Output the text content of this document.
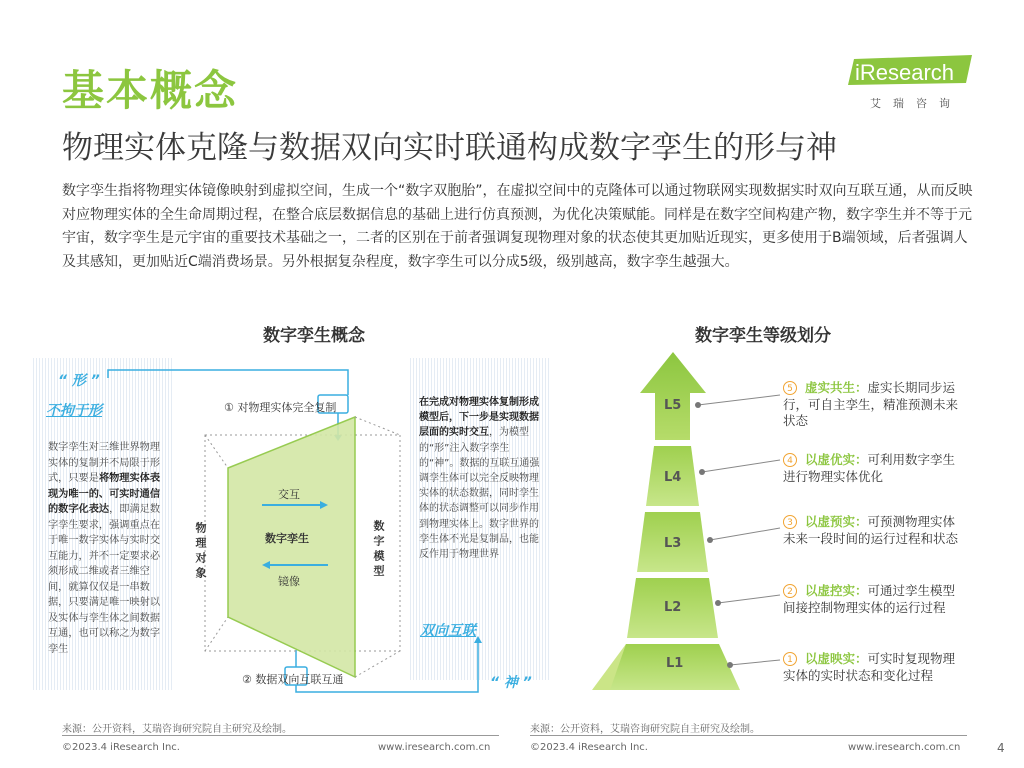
基本概念
物理实体克隆与数据双向实时联通构成数字孪生的形与神
iResearch
艾瑞咨询
数字孪生指将物理实体镜像映射到虚拟空间，生成一个“数字双胞胎”，在虚拟空间中的克隆体可以通过物联网实现数据实时双向互联互通，从而反映对应物理实体的全生命周期过程，在整合底层数据信息的基础上进行仿真预测，为优化决策赋能。同样是在数字空间构建产物，数字孪生并不等于元宇宙，数字孪生是元宇宙的重要技术基础之一，二者的区别在于前者强调复现物理对象的状态使其更加贴近现实，更多使用于B端领域，后者强调人及其感知，更加贴近C端消费场景。另外根据复杂程度，数字孪生可以分成5级，级别越高，数字孪生越强大。
数字孪生概念
“ 形 ”
不拘于形	① 对物理实体完全复制
交互
数字孪生
镜像
物理对象	数字模型
② 数据双向互联互通
双向互联
“ 神 ”
数字孪生对三维世界物理实体的复制并不局限于形式，只要是将物理实体表现为唯一的、可实时通信的数字化表达，即满足数字孪生要求，强调重点在于唯一数字实体与实时交互能力，并不一定要求必须形成二维或者三维空间，就算仅仅是一串数据，只要满足唯一映射以及实体与孪生体之间数据互通，也可以称之为数字孪生
在完成对物理实体复制形成模型后，下一步是实现数据层面的实时交互，为模型的“形”注入数字孪生的“神”。数据的互联互通强调孪生体可以完全反映物理实体的状态数据，同时孪生体的状态调整可以同步作用到物理实体上。数字世界的孪生体不光是复制品，也能反作用于物理世界
数字孪生等级划分
L5
L4
L3
L2
L1
5 虚实共生：虚实长期同步运行，可自主孪生，精准预测未来状态
4 以虚优实：可利用数字孪生进行物理实体优化
3 以虚预实：可预测物理实体未来一段时间的运行过程和状态
2 以虚控实：可通过孪生模型间接控制物理实体的运行过程
1 以虚映实：可实时复现物理实体的实时状态和变化过程
来源：公开资料，艾瑞咨询研究院自主研究及绘制。	来源：公开资料，艾瑞咨询研究院自主研究及绘制。
©2023.4 iResearch Inc.	www.iresearch.com.cn	©2023.4 iResearch Inc.	www.iresearch.com.cn	4
